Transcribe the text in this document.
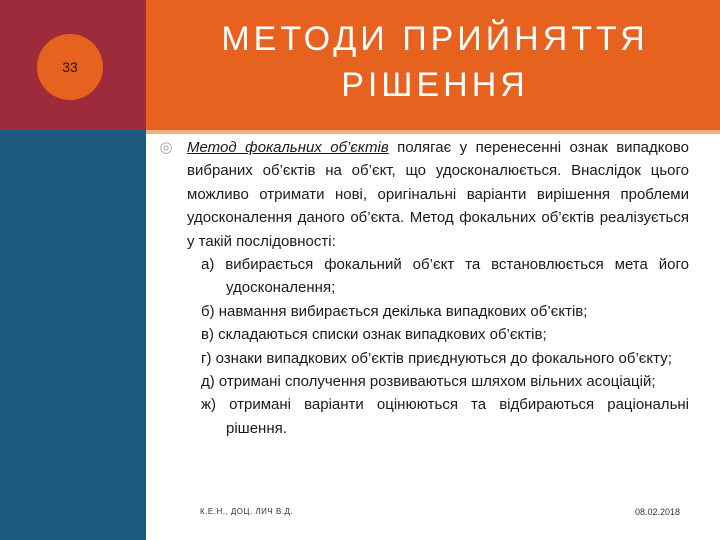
33
МЕТОДИ ПРИЙНЯТТЯ
РІШЕННЯ
◎ Метод фокальних об’єктів полягає у перенесенні ознак випадково вибраних об’єктів на об’єкт, що удосконалюється. Внаслідок цього можливо отримати нові, оригінальні варіанти вирішення проблеми удосконалення даного об’єкта. Метод фокальних об’єктів реалізується у такій послідовності:

а) вибирається фокальний об’єкт та встановлюється мета його удосконалення;
б) навмання вибирається декілька випадкових об’єктів;
в) складаються списки ознак випадкових об’єктів;
г) ознаки випадкових об’єктів приєднуються до фокального об’єкту;
д) отримані сполучення розвиваються шляхом вільних асоціацій;
ж) отримані варіанти оцінюються та відбираються раціональні рішення.
К.Е.Н., ДОЦ. ЛИЧ В.Д.	08.02.2018
